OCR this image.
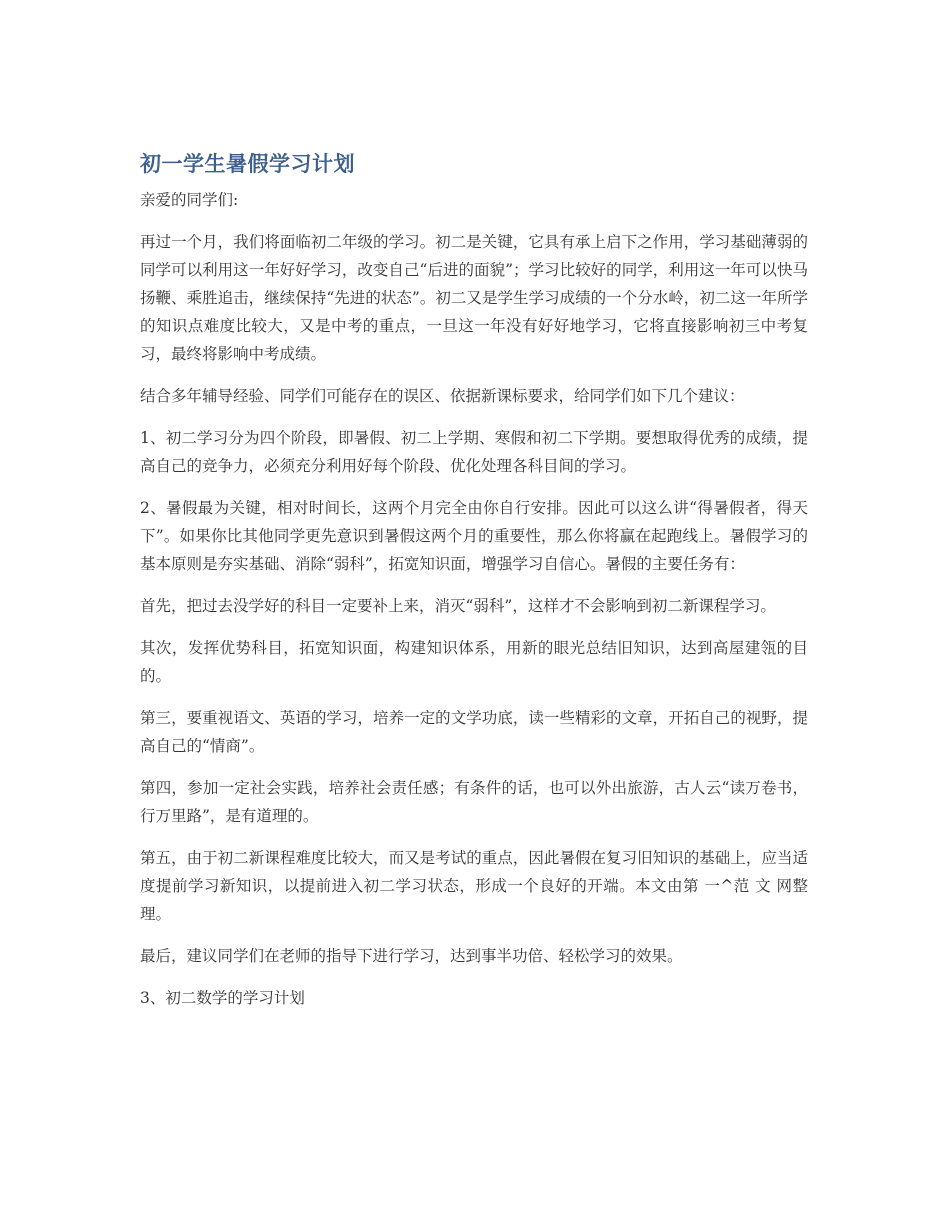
初一学生暑假学习计划

亲爱的同学们:

再过一个月，我们将面临初二年级的学习。初二是关键，它具有承上启下之作用，学习基础薄弱的同学可以利用这一年好好学习，改变自己“后进的面貌”；学习比较好的同学，利用这一年可以快马扬鞭、乘胜追击，继续保持“先进的状态”。初二又是学生学习成绩的一个分水岭，初二这一年所学的知识点难度比较大，又是中考的重点，一旦这一年没有好好地学习，它将直接影响初三中考复习，最终将影响中考成绩。

结合多年辅导经验、同学们可能存在的误区、依据新课标要求，给同学们如下几个建议：

1、初二学习分为四个阶段，即暑假、初二上学期、寒假和初二下学期。要想取得优秀的成绩，提高自己的竞争力，必须充分利用好每个阶段、优化处理各科目间的学习。

2、暑假最为关键，相对时间长，这两个月完全由你自行安排。因此可以这么讲“得暑假者，得天下”。如果你比其他同学更先意识到暑假这两个月的重要性，那么你将赢在起跑线上。暑假学习的基本原则是夯实基础、消除“弱科”，拓宽知识面，增强学习自信心。暑假的主要任务有：

首先，把过去没学好的科目一定要补上来，消灭“弱科”，这样才不会影响到初二新课程学习。

其次，发挥优势科目，拓宽知识面，构建知识体系，用新的眼光总结旧知识，达到高屋建瓴的目的。

第三，要重视语文、英语的学习，培养一定的文学功底，读一些精彩的文章，开拓自己的视野，提高自己的“情商”。

第四，参加一定社会实践，培养社会责任感；有条件的话，也可以外出旅游，古人云“读万卷书，行万里路”，是有道理的。

第五，由于初二新课程难度比较大，而又是考试的重点，因此暑假在复习旧知识的基础上，应当适度提前学习新知识，以提前进入初二学习状态，形成一个良好的开端。本文由第 一^范 文 网整理。

最后，建议同学们在老师的指导下进行学习，达到事半功倍、轻松学习的效果。

3、初二数学的学习计划
